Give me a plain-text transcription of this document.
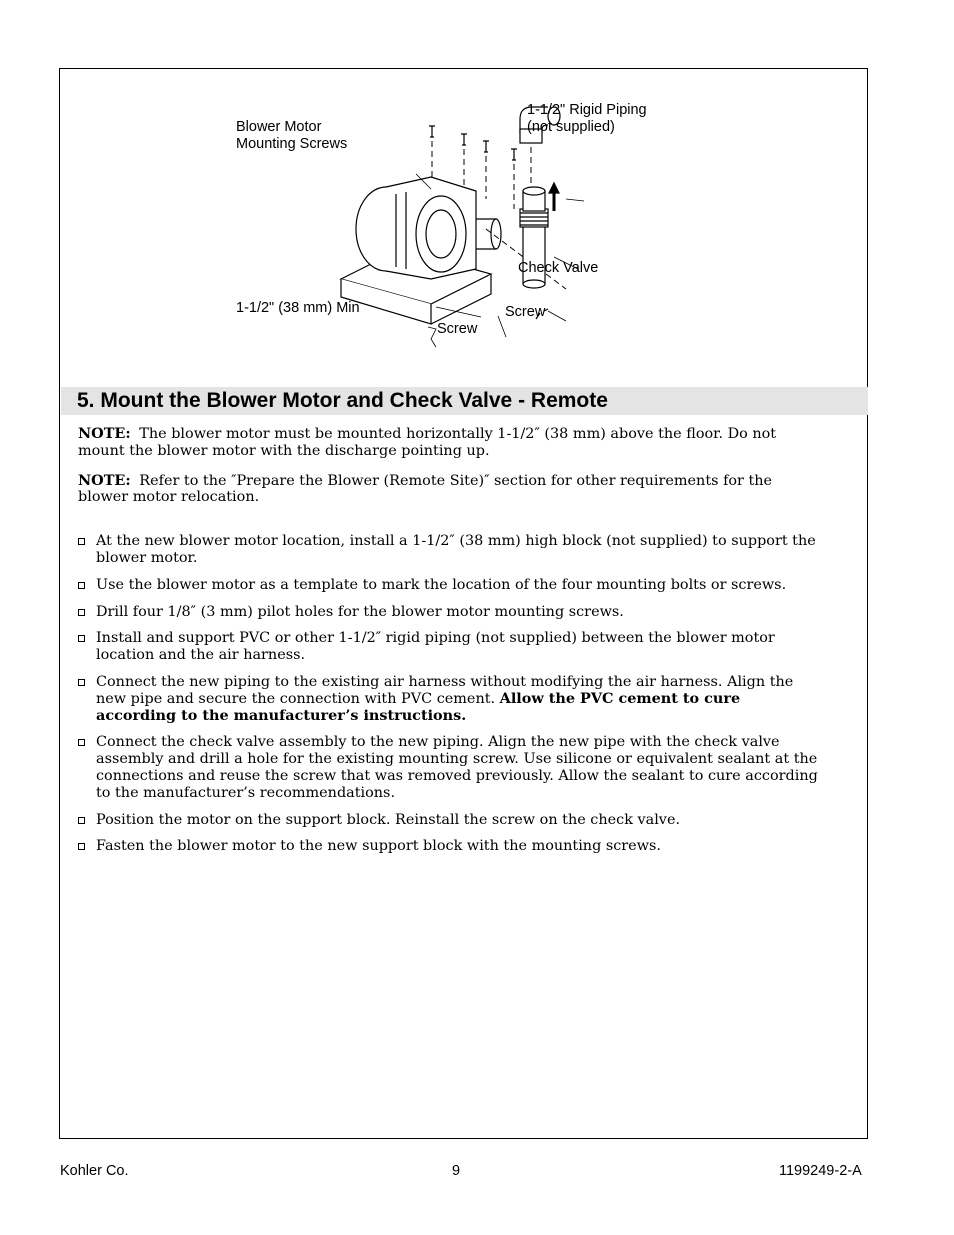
Blower Motor
Mounting Screws
1-1/2" Rigid Piping
(not supplied)
Check Valve
1-1/2" (38 mm) Min	Screw
Screw
5. Mount the Blower Motor and Check Valve - Remote

NOTE: The blower motor must be mounted horizontally 1-1/2″ (38 mm) above the floor. Do not mount the blower motor with the discharge pointing up.

NOTE: Refer to the ″Prepare the Blower (Remote Site)″ section for other requirements for the blower motor relocation.

At the new blower motor location, install a 1-1/2″ (38 mm) high block (not supplied) to support the blower motor.
Use the blower motor as a template to mark the location of the four mounting bolts or screws.
Drill four 1/8″ (3 mm) pilot holes for the blower motor mounting screws.
Install and support PVC or other 1-1/2″ rigid piping (not supplied) between the blower motor location and the air harness.
Connect the new piping to the existing air harness without modifying the air harness. Align the new pipe and secure the connection with PVC cement. Allow the PVC cement to cure according to the manufacturer’s instructions.
Connect the check valve assembly to the new piping. Align the new pipe with the check valve assembly and drill a hole for the existing mounting screw. Use silicone or equivalent sealant at the connections and reuse the screw that was removed previously. Allow the sealant to cure according to the manufacturer’s recommendations.
Position the motor on the support block. Reinstall the screw on the check valve.
Fasten the blower motor to the new support block with the mounting screws.
Kohler Co.	9	1199249-2-A
